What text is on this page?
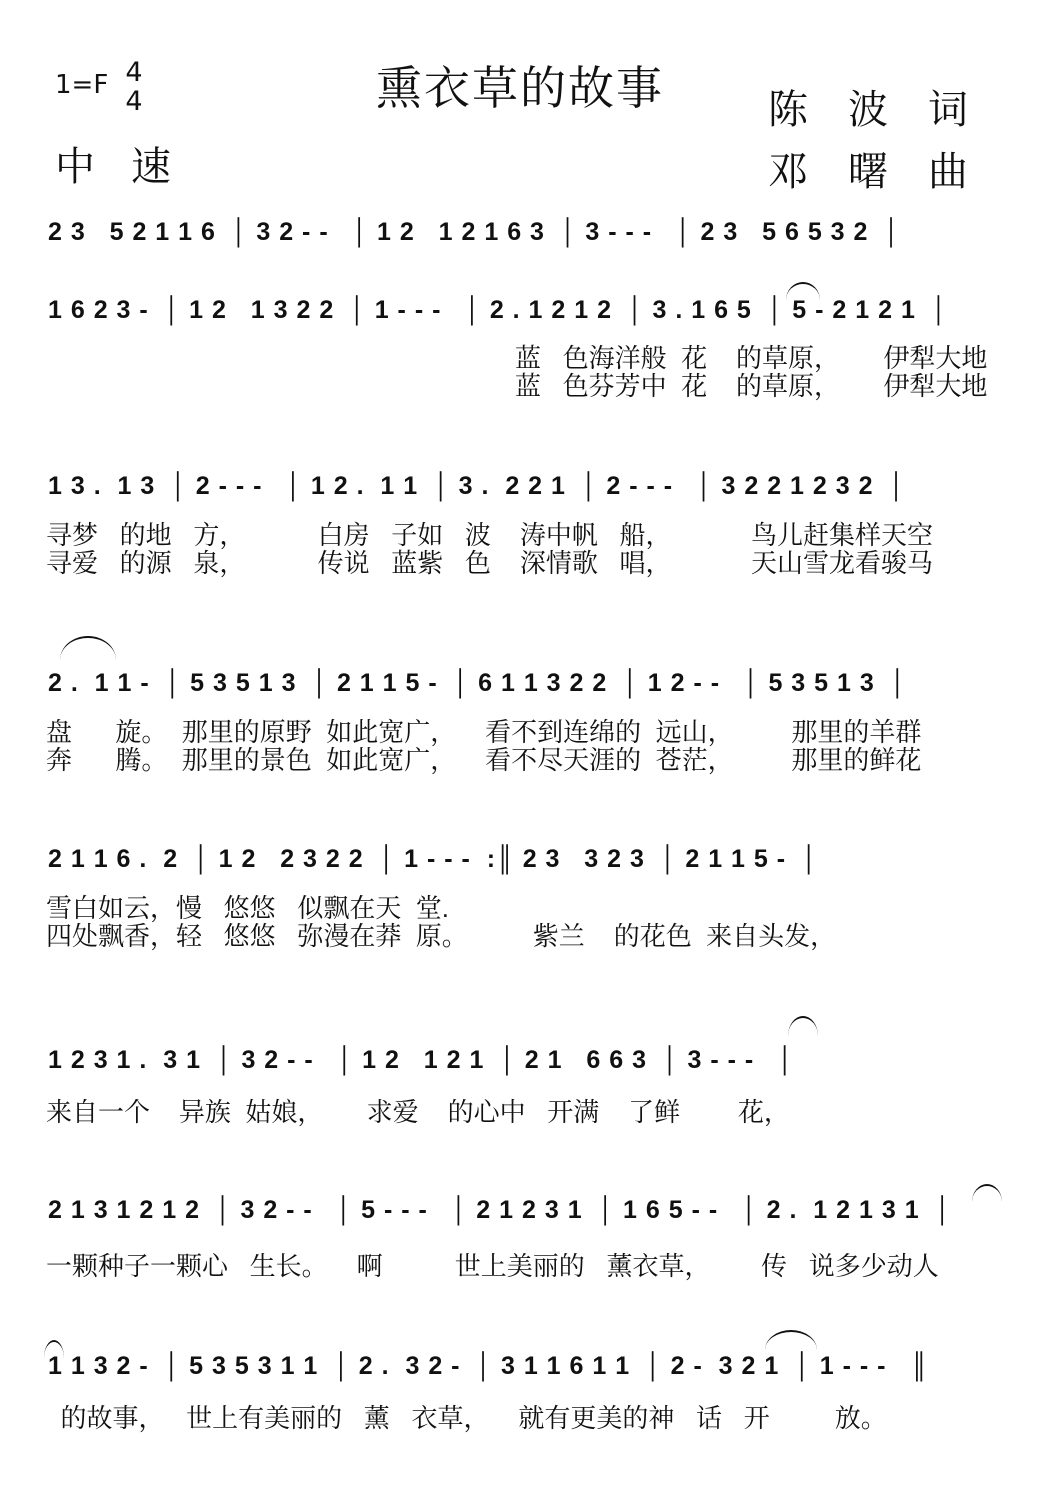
1=F 4
4	熏衣草的故事
中速
陈波词
邓曙曲
2 3   5 2 1 1 6  │ 3 2 - -   │ 1 2   1 2 1 6 3  │ 3 - - -   │ 2 3   5 6 5 3 2  │
1 6 2 3 -  │ 1 2   1 3 2 2  │ 1 - - -   │ 2 . 1 2 1 2  │ 3 . 1 6 5  │ 5 - 2 1 2 1  │
蓝   色海洋般  花    的草原，      伊犁大地
蓝   色芬芳中  花    的草原，      伊犁大地
1 3 .  1 3  │ 2 - - -   │ 1 2 .  1 1  │ 3 .  2 2 1  │ 2 - - -   │ 3 2 2 1 2 3 2  │
寻梦   的地   方，          白房   子如   波    涛中帆   船，           鸟儿赶集样天空
寻爱   的源   泉，          传说   蓝紫   色    深情歌   唱，           天山雪龙看骏马
2 .  1 1 -  │ 5 3 5 1 3  │ 2 1 1 5 -  │ 6 1 1 3 2 2  │ 1 2 - -   │ 5 3 5 1 3  │
盘      旋。  那里的原野  如此宽广，    看不到连绵的  远山，        那里的羊群
奔      腾。  那里的景色  如此宽广，    看不尽天涯的  苍茫，        那里的鲜花
2 1 1 6 .  2  │ 1 2   2 3 2 2  │ 1 - - -  :║ 2 3   3 2 3  │ 2 1 1 5 -  │
雪白如云，慢   悠悠   似飘在天  堂.
四处飘香，轻   悠悠   弥漫在莽  原。         紫兰    的花色  来自头发，
1 2 3 1 .  3 1  │ 3 2 - -   │ 1 2   1 2 1  │ 2 1   6 6 3  │ 3 - - -   │
来自一个    异族  姑娘，      求爱    的心中   开满    了鲜        花，
2 1 3 1 2 1 2  │ 3 2 - -   │ 5 - - -   │ 2 1 2 3 1  │ 1 6 5 - -   │ 2 .  1 2 1 3 1  │
一颗种子一颗心   生长。    啊          世上美丽的   薰衣草，       传   说多少动人
1 1 3 2 -  │ 5 3 5 3 1 1  │ 2 .  3 2 -  │ 3 1 1 6 1 1  │ 2 -  3 2 1  │ 1 - - -   ║
的故事，   世上有美丽的   薰   衣草，    就有更美的神   话   开         放。
